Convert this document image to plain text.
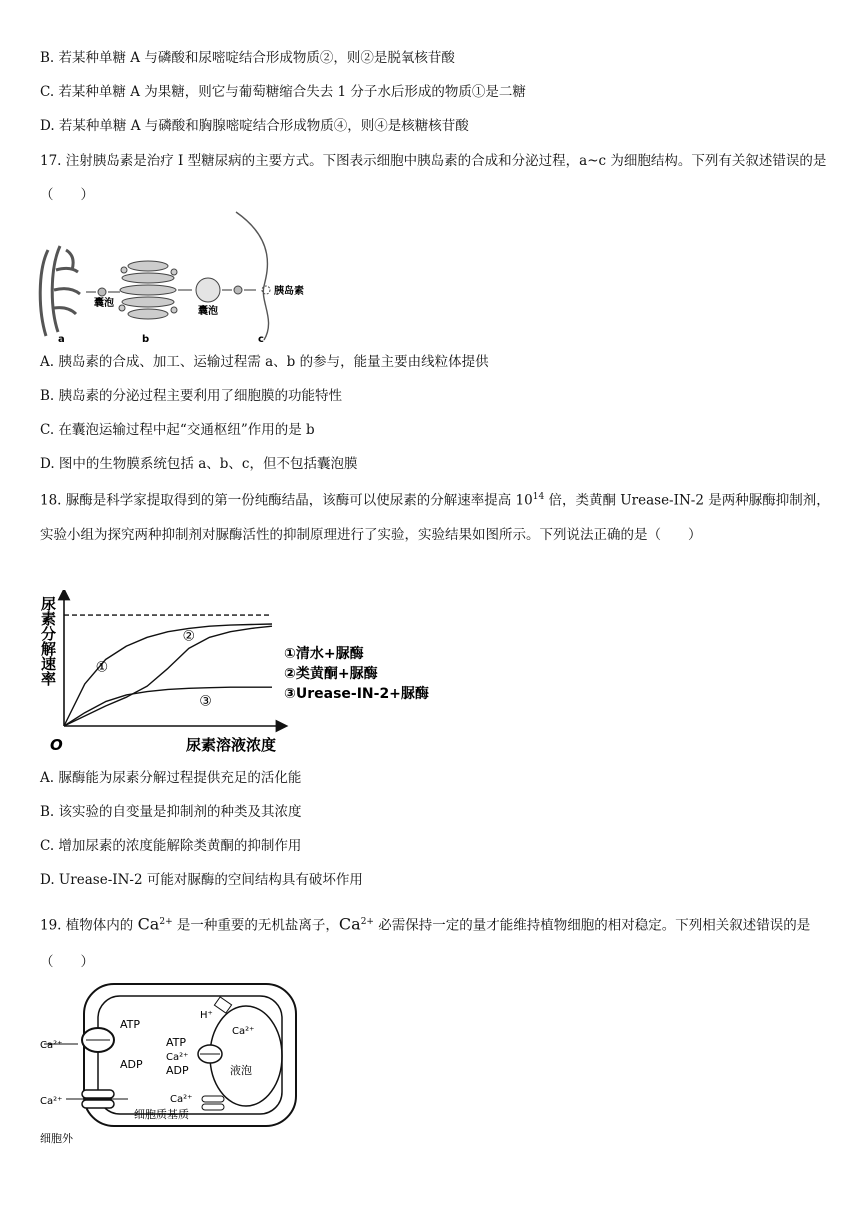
B. 若某种单糖 A 与磷酸和尿嘧啶结合形成物质②，则②是脱氧核苷酸
C. 若某种单糖 A 为果糖，则它与葡萄糖缩合失去 1 分子水后形成的物质①是二糖
D. 若某种单糖 A 与磷酸和胸腺嘧啶结合形成物质④，则④是核糖核苷酸
17. 注射胰岛素是治疗 Ⅰ 型糖尿病的主要方式。下图表示细胞中胰岛素的合成和分泌过程，a~c 为细胞结构。下列有关叙述错误的是（　　）
a
囊泡
b
囊泡
胰岛素
c
A. 胰岛素的合成、加工、运输过程需 a、b 的参与，能量主要由线粒体提供
B. 胰岛素的分泌过程主要利用了细胞膜的功能特性
C. 在囊泡运输过程中起“交通枢纽”作用的是 b
D. 图中的生物膜系统包括 a、b、c，但不包括囊泡膜
18. 脲酶是科学家提取得到的第一份纯酶结晶，该酶可以使尿素的分解速率提高 $10^{14}$ 倍，类黄酮 Urease-IN-2 是两种脲酶抑制剂，实验小组为探究两种抑制剂对脲酶活性的抑制原理进行了实验，实验结果如图所示。下列说法正确的是（　　）
O	尿素溶液浓度
尿素分解速率	①
②
③
①清水+脲酶
②类黄酮+脲酶
③Urease-IN-2+脲酶
A. 脲酶能为尿素分解过程提供充足的活化能
B. 该实验的自变量是抑制剂的种类及其浓度
C. 增加尿素的浓度能解除类黄酮的抑制作用
D. Urease-IN-2 可能对脲酶的空间结构具有破坏作用
19. 植物体内的 $Ca^{2+}$ 是一种重要的无机盐离子，$Ca^{2+}$ 必需保持一定的量才能维持植物细胞的相对稳定。下列相关叙述错误的是（　　）
Ca²⁺
ATP
ADP
Ca²⁺
H⁺
Ca²⁺
ATP
Ca²⁺
ADP	液泡
Ca²⁺
细胞质基质
细胞外
